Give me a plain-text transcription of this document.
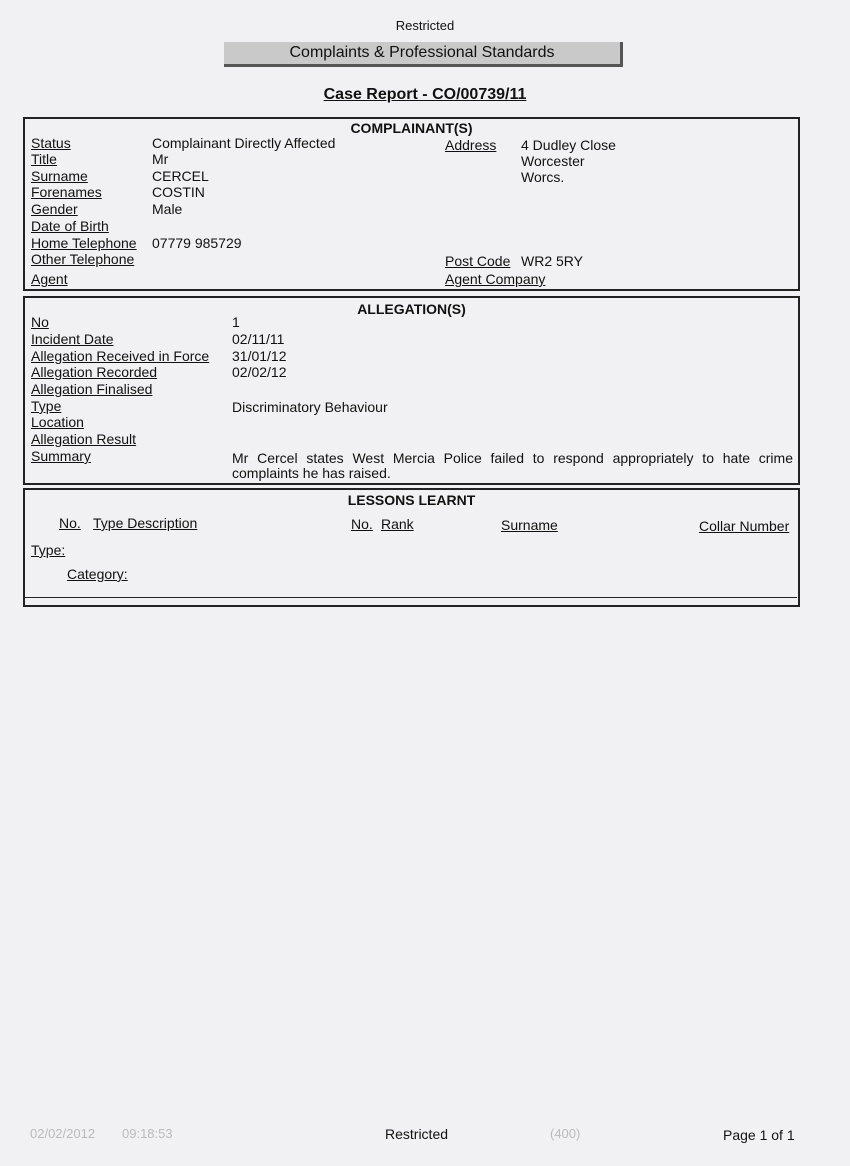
Restricted
Complaints & Professional Standards
Case Report - CO/00739/11
COMPLAINANT(S)
Status	Complainant Directly Affected
Title	Mr
Surname	CERCEL
Forenames	COSTIN
Gender	Male
Date of Birth
Home Telephone 07779 985729
Other Telephone
Agent
Address 4 Dudley Close
Worcester
Worcs.
Post Code WR2 5RY
Agent Company
ALLEGATION(S)
No	1
Incident Date	02/11/11
Allegation Received in Force 31/01/12
Allegation Recorded	02/02/12
Allegation Finalised
Type	Discriminatory Behaviour
Location
Allegation Result
Summary	Mr Cercel states West Mercia Police failed to respond appropriately to hate crime
complaints he has raised.
LESSONS LEARNT
No. Type Description	No. Rank	Surname	Collar Number
Type:
Category:
02/02/2012 09:18:53	Restricted	(400)	Page 1 of 1
